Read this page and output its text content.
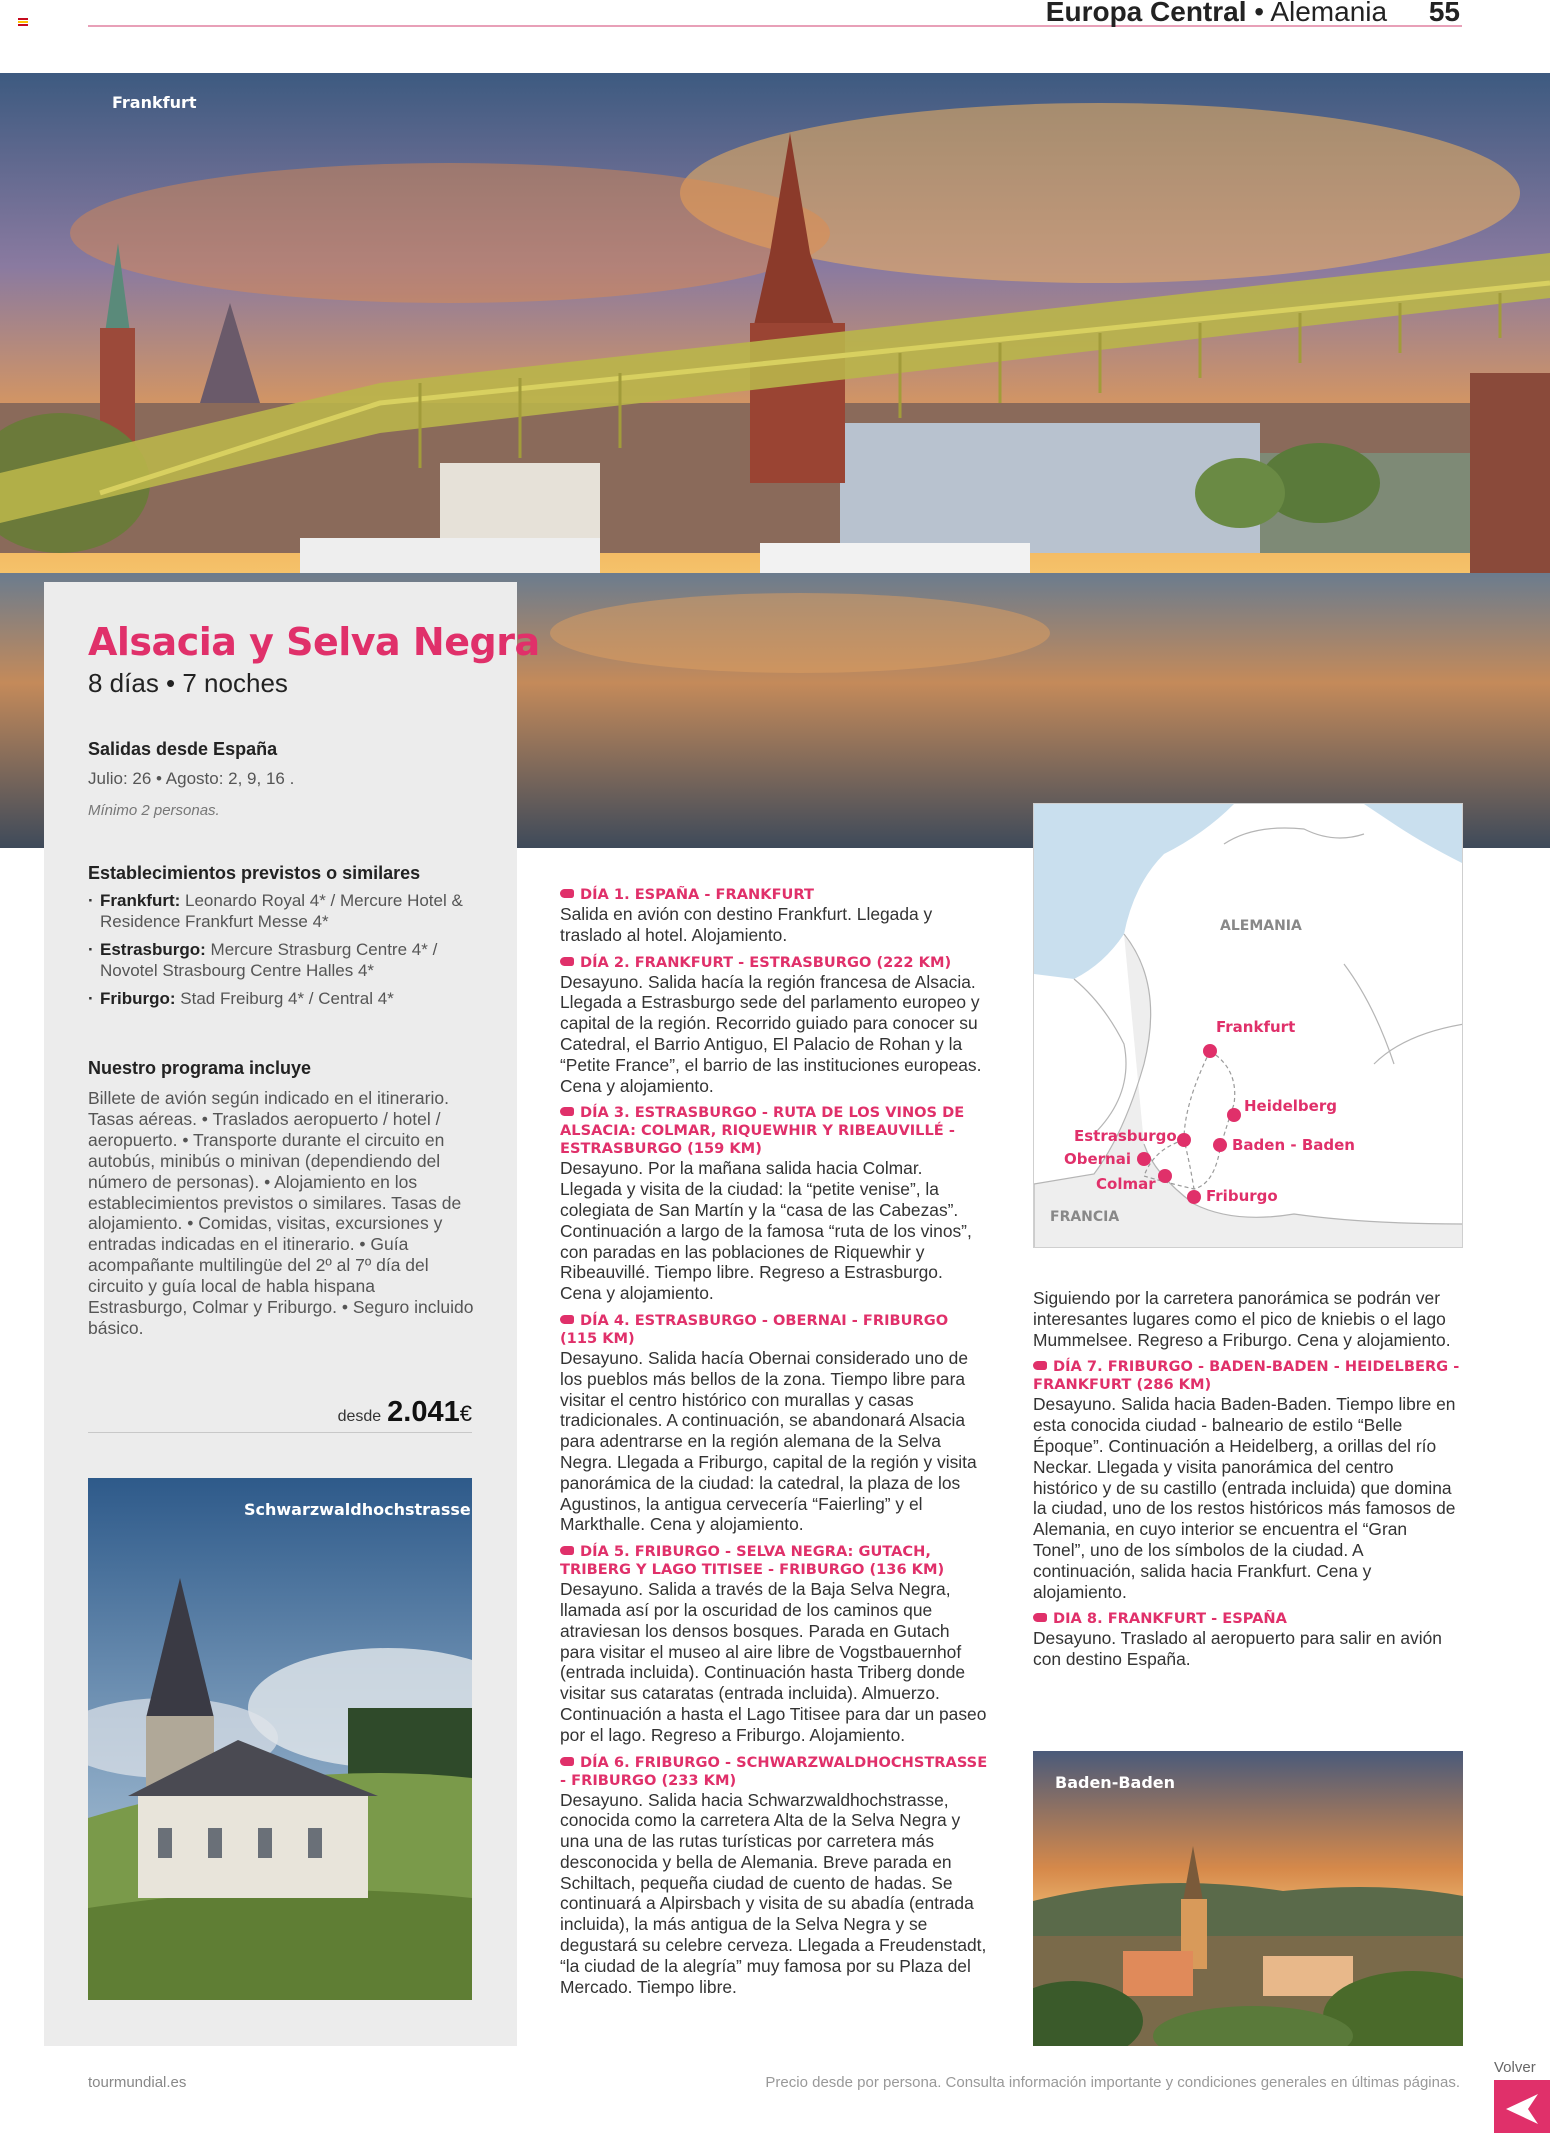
Europa Central • Alemania 55
Frankfurt
Alsacia y Selva Negra
8 días • 7 noches
Salidas desde España
Julio: 26 • Agosto: 2, 9, 16 .
Mínimo 2 personas.
Establecimientos previstos o similares
· Frankfurt: Leonardo Royal 4* / Mercure Hotel & Residence Frankfurt Messe 4*
· Estrasburgo: Mercure Strasburg Centre 4* / Novotel Strasbourg Centre Halles 4*
· Friburgo: Stad Freiburg 4* / Central 4*
Nuestro programa incluye
Billete de avión según indicado en el itinerario. Tasas aéreas. • Traslados aeropuerto / hotel / aeropuerto. • Transporte durante el circuito en autobús, minibús o minivan (dependiendo del número de personas). • Alojamiento en los establecimientos previstos o similares. Tasas de alojamiento. • Comidas, visitas, excursiones y entradas indicadas en el itinerario. • Guía acompañante multilingüe del 2º al 7º día del circuito y guía local de habla hispana Estrasburgo, Colmar y Friburgo. • Seguro incluido básico.
desde 2.041€
Schwarzwaldhochstrasse
DÍA 1. ESPAÑA - FRANKFURT
Salida en avión con destino Frankfurt. Llegada y traslado al hotel. Alojamiento.
DÍA 2. FRANKFURT - ESTRASBURGO (222 KM)
Desayuno. Salida hacía la región francesa de Alsacia. Llegada a Estrasburgo sede del parlamento europeo y capital de la región. Recorrido guiado para conocer su Catedral, el Barrio Antiguo, El Palacio de Rohan y la “Petite France”, el barrio de las instituciones europeas. Cena y alojamiento.
DÍA 3. ESTRASBURGO - RUTA DE LOS VINOS DE ALSACIA: COLMAR, RIQUEWHIR Y RIBEAUVILLÉ - ESTRASBURGO (159 KM)
Desayuno. Por la mañana salida hacia Colmar. Llegada y visita de la ciudad: la “petite venise”, la colegiata de San Martín y la “casa de las Cabezas”. Continuación a largo de la famosa “ruta de los vinos”, con paradas en las poblaciones de Riquewhir y Ribeauvillé. Tiempo libre. Regreso a Estrasburgo. Cena y alojamiento.
DÍA 4. ESTRASBURGO - OBERNAI - FRIBURGO (115 KM)
Desayuno. Salida hacía Obernai considerado uno de los pueblos más bellos de la zona. Tiempo libre para visitar el centro histórico con murallas y casas tradicionales. A continuación, se abandonará Alsacia para adentrarse en la región alemana de la Selva Negra. Llegada a Friburgo, capital de la región y visita panorámica de la ciudad: la catedral, la plaza de los Agustinos, la antigua cervecería “Faierling” y el Markthalle. Cena y alojamiento.
DÍA 5. FRIBURGO - SELVA NEGRA: GUTACH, TRIBERG Y LAGO TITISEE - FRIBURGO (136 KM)
Desayuno. Salida a través de la Baja Selva Negra, llamada así por la oscuridad de los caminos que atraviesan los densos bosques. Parada en Gutach para visitar el museo al aire libre de Vogstbauernhof (entrada incluida). Continuación hasta Triberg donde visitar sus cataratas (entrada incluida). Almuerzo. Continuación a hasta el Lago Titisee para dar un paseo por el lago. Regreso a Friburgo. Alojamiento.
DÍA 6. FRIBURGO - SCHWARZWALDHOCHSTRASSE - FRIBURGO (233 KM)
Desayuno. Salida hacia Schwarzwaldhochstrasse, conocida como la carretera Alta de la Selva Negra y una una de las rutas turísticas por carretera más desconocida y bella de Alemania. Breve parada en Schiltach, pequeña ciudad de cuento de hadas. Se continuará a Alpirsbach y visita de su abadía (entrada incluida), la más antigua de la Selva Negra y se degustará su celebre cerveza. Llegada a Freudenstadt, “la ciudad de la alegría” muy famosa por su Plaza del Mercado. Tiempo libre.
ALEMANIA
FRANCIA
Frankfurt
Heidelberg
Estrasburgo	Baden - Baden
Obernai
Colmar
Friburgo
Siguiendo por la carretera panorámica se podrán ver interesantes lugares como el pico de kniebis o el lago Mummelsee. Regreso a Friburgo. Cena y alojamiento.
DÍA 7. FRIBURGO - BADEN-BADEN - HEIDELBERG - FRANKFURT (286 KM)
Desayuno. Salida hacia Baden-Baden. Tiempo libre en esta conocida ciudad - balneario de estilo “Belle Époque”. Continuación a Heidelberg, a orillas del río Neckar. Llegada y visita panorámica del centro histórico y de su castillo (entrada incluida) que domina la ciudad, uno de los restos históricos más famosos de Alemania, en cuyo interior se encuentra el “Gran Tonel”, uno de los símbolos de la ciudad. A continuación, salida hacia Frankfurt. Cena y alojamiento.
DIA 8. FRANKFURT - ESPAÑA
Desayuno. Traslado al aeropuerto para salir en avión con destino España.
Baden-Baden
tourmundial.es	Precio desde por persona. Consulta información importante y condiciones generales en últimas páginas.
Volver
